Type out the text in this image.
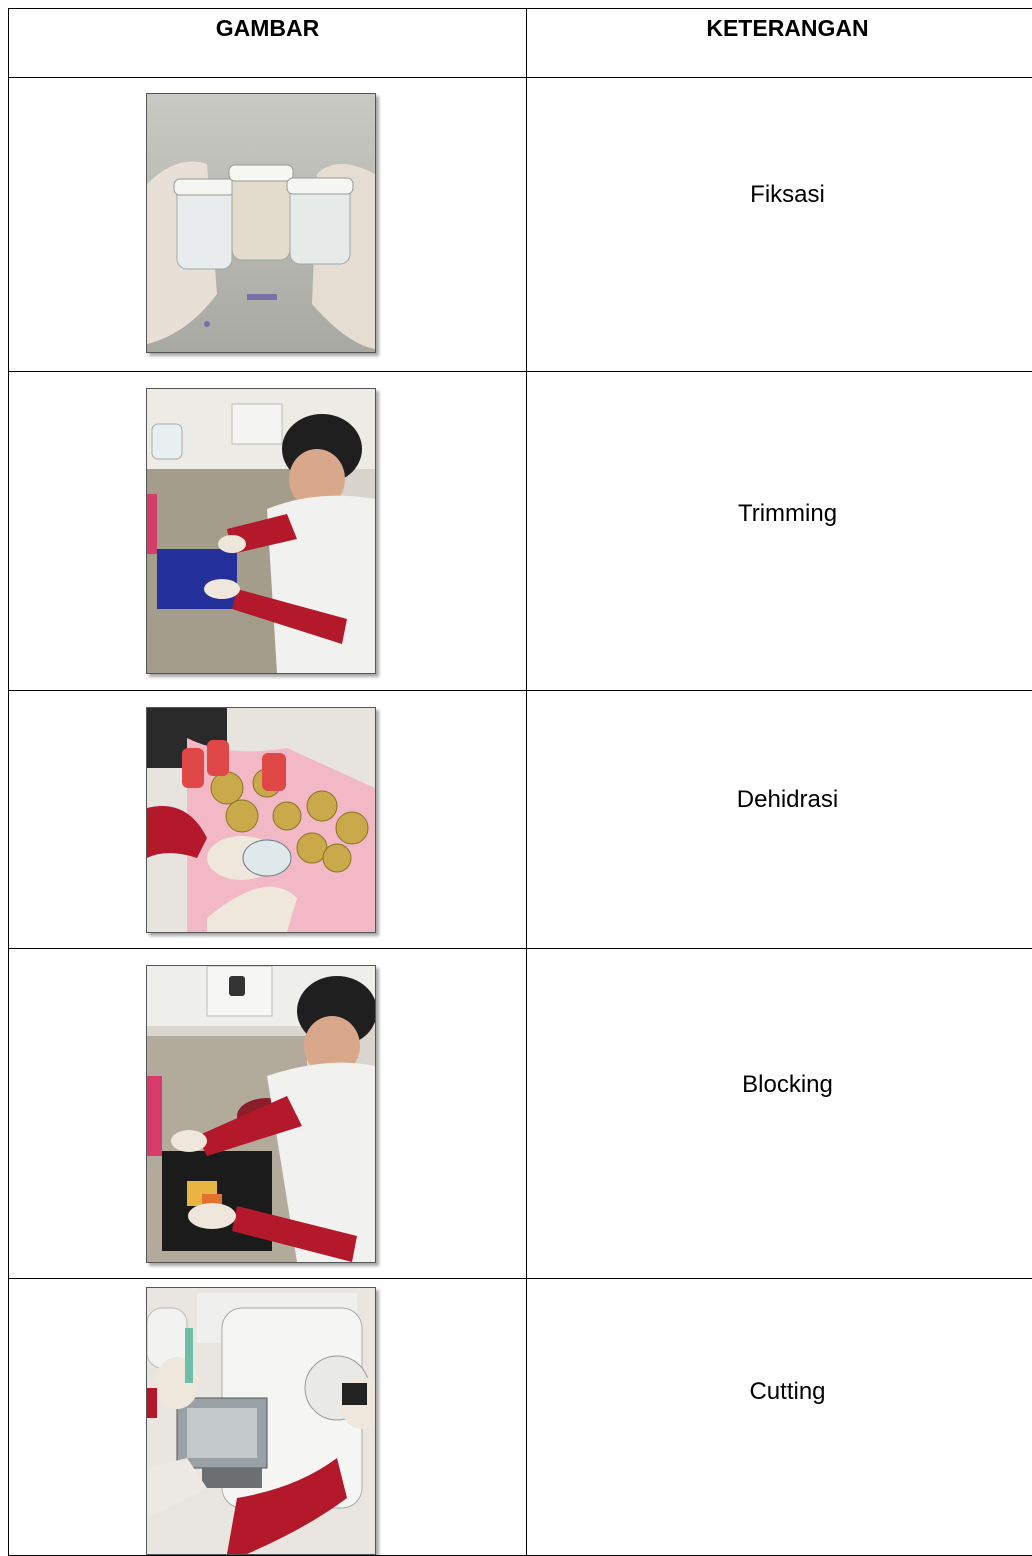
GAMBAR	KETERANGAN

	Fiksasi

	Trimming

	Dehidrasi

	Blocking

	Cutting
